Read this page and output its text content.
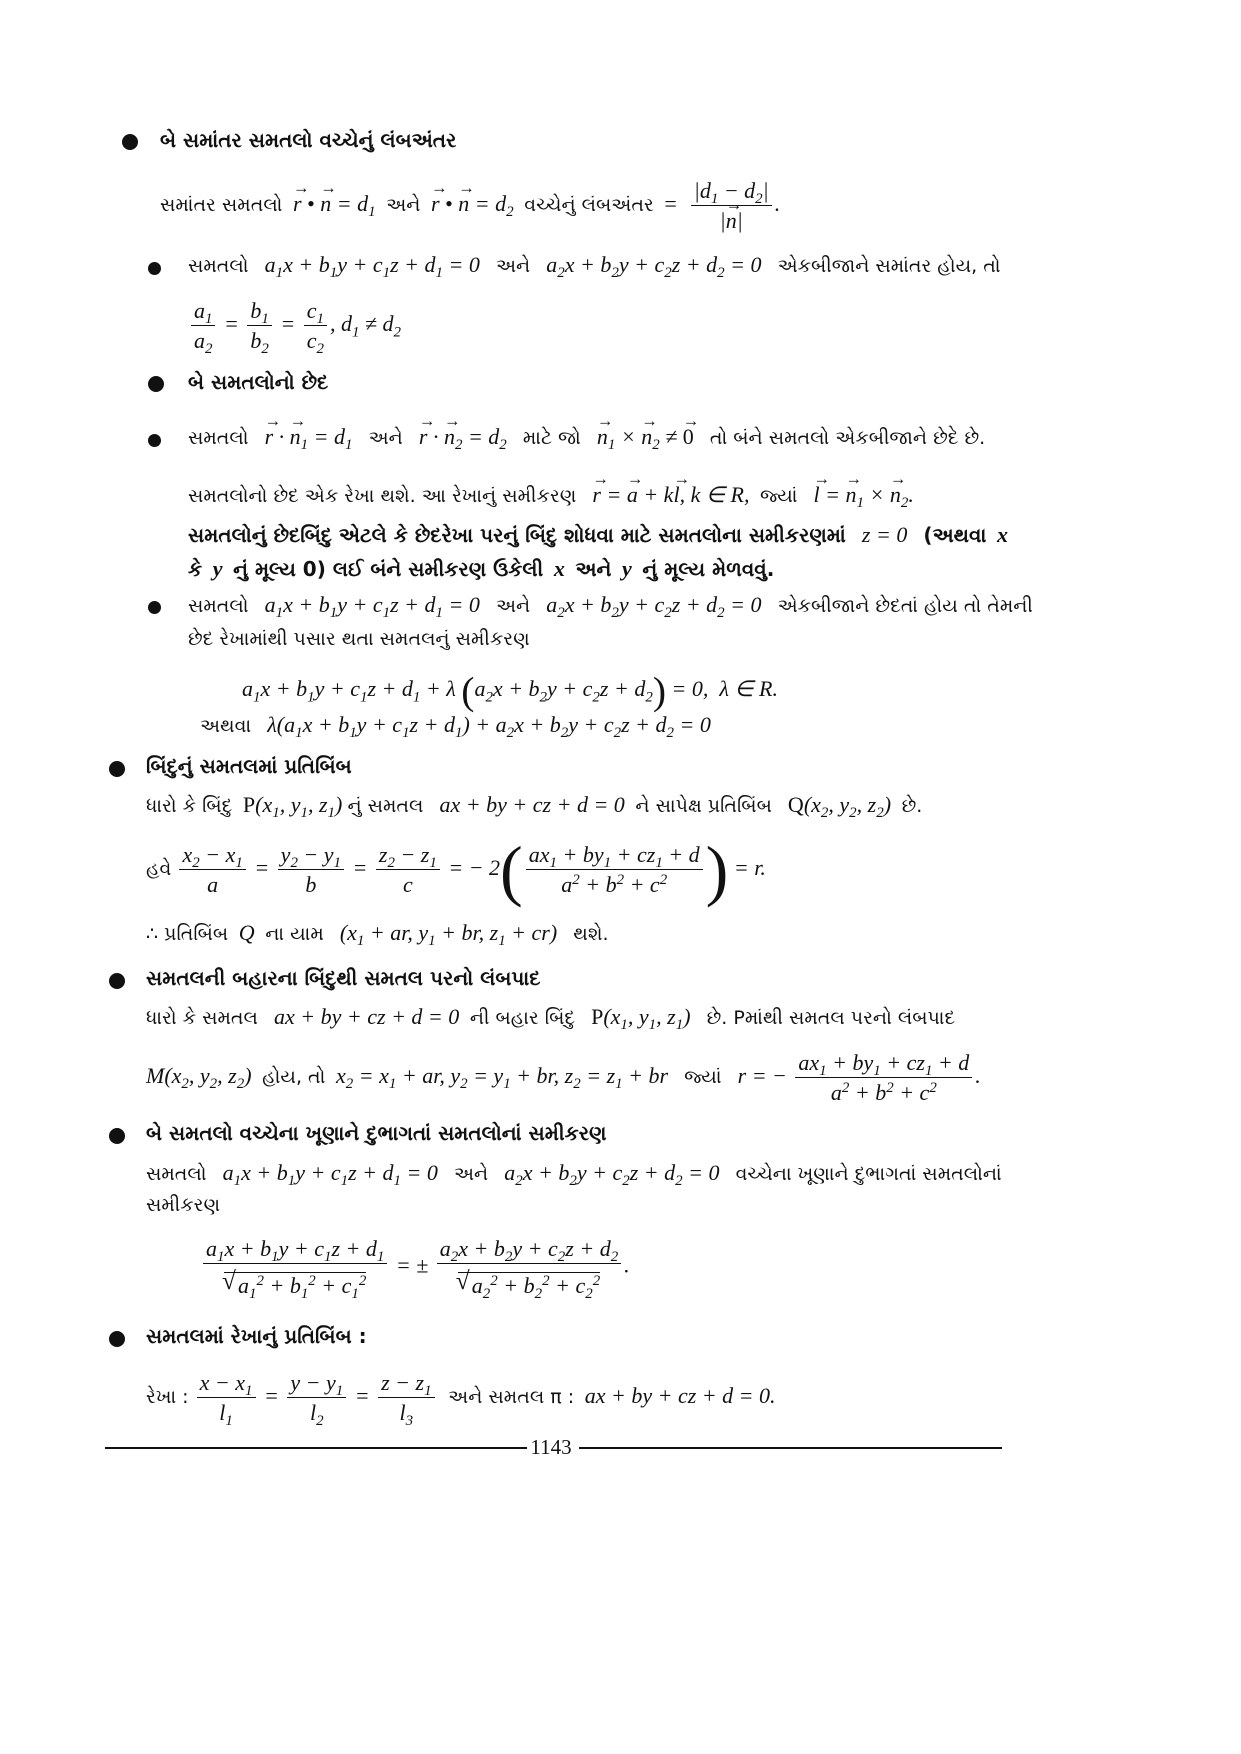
બે સમાંતર સમતલો વચ્ચેનું લંબઅંતર
સમાંતર સમતલો → r • → $n = d_1$ અને → r • → $n = d_2$ વચ્ચેનું લંબઅંતર = $\frac{|d_1 - d_2|}{|\to n|}$ .
સમતલો $a_1x + b_1y + c_1z + d_1 = 0$   અને $a_2x + b_2y + c_2z + d_2 = 0$   એકબીજાને સમાંતર હોય, તો
$\frac{a_1}{a_2} = \frac{b_1}{b_2} = \frac{c_1}{c_2}$ , $d_1 \ne d_2$
બે સમતલોનો છેદ
સમતલો → r · → $n_1 = d_1$ અને → r · → $n_2 = d_2$ માટે જો → $n_1$ × → $n_2$ ≠ → 0 તો બંને સમતલો એકબીજાને છેદે છે.
સમતલોનો છેદ એક રેખા થશે. આ રેખાનું સમીકરણ → r = → a + k→ l, k ∈ R,  જ્યાં → l = → $n_1$ × → $n_2$.
સમતલોનું છેદબિંદુ એટલે કે છેદરેખા પરનું બિંદુ શોધવા માટે સમતલોના સમીકરણમાં z = 0   (અથવા x
કે y નું મૂલ્ય 0) લઈ બંને સમીકરણ ઉકેલી x અને y નું મૂલ્ય મેળવવું.
સમતલો $a_1x + b_1y + c_1z + d_1 = 0$   અને $a_2x + b_2y + c_2z + d_2 = 0$   એકબીજાને છેદતાં હોય તો તેમની
છેદ રેખામાંથી પસાર થતા સમતલનું સમીકરણ
$a_1x + b_1y + c_1z + d_1 + \lambda$ $(a_2x + b_2y + c_2z + d_2) = 0$,  λ ∈ R.
અથવા   $\lambda(a_1x + b_1y + c_1z + d_1) + a_2x + b_2y + c_2z + d_2 = 0$
બિંદુનું સમતલમાં પ્રતિબિંબ
ધારો કે બિંદુ $P(x_1$, $y_1$, $z_1$) નું સમતલ ax + by + cz + d = 0  ને સાપેક્ષ પ્રતિબિંબ $Q(x_2$, $y_2$, $z_2$)  છે.
હવે $\frac{x_2 - x_1}{a} = \frac{y_2 - y_1}{b} = \frac{z_2 - z_1}{c}$ = − $2( \frac{ax_1 + by_1 + cz_1 + d}{a^2 + b^2 + c^2}$ ) = r.
∴ પ્રતિબિંબ Q ના યામ   ($x_1$ + ar, $y_1$ + br, $z_1 + cr$)   થશે.
સમતલની બહારના બિંદુથી સમતલ પરનો લંબપાદ
ધારો કે સમતલ ax + by + cz + d = 0  ની બહાર બિંદુ $P(x_1$, $y_1$, $z_1$)   છે. Pમાંથી સમતલ પરનો લંબપાદ
$M(x_2$, $y_2$, $z_2$)  હોય, તો $x_2 = x_1$ + ar, $y_2 = y_1$ + br, $z_2 = z_1$ + br જ્યાં r = − $\frac{ax_1 + by_1 + cz_1 + d}{a^2 + b^2 + c^2}$ .
બે સમતલો વચ્ચેના ખૂણાને દુભાગતાં સમતલોનાં સમીકરણ
સમતલો $a_1x + b_1y + c_1z + d_1 = 0$   અને $a_2x + b_2y + c_2z + d_2 = 0$   વચ્ચેના ખૂણાને દુભાગતાં સમતલોનાં
સમીકરણ
$a_1x + b_1y + c_1z + d_1$
√ $a_1^2 + b_1^2 + c_1^2$ = ± $a_2x + b_2y + c_2z + d_2$
√ $a_2^2 + b_2^2 + c_2^2$ .
સમતલમાં રેખાનું પ્રતિબિંબ :
રેખા : $\frac{x - x_1}{l_1} = \frac{y - y_1}{l_2} = \frac{z - z_1}{l_3}$ અને સમતલ π : ax + by + cz + d = 0.
1143
